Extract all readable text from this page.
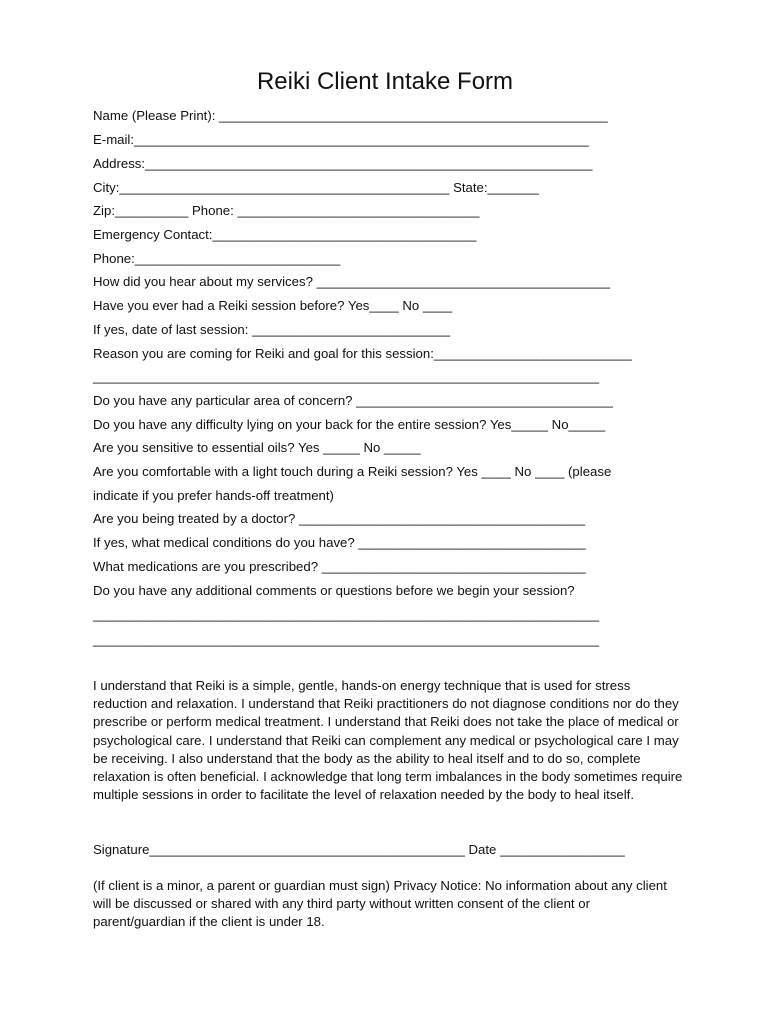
Reiki Client Intake Form
Name (Please Print): _____________________________________________________
E-mail:______________________________________________________________
Address:_____________________________________________________________
City:_____________________________________________ State:_______
Zip:__________ Phone: _________________________________
Emergency Contact:____________________________________
Phone:____________________________
How did you hear about my services? ________________________________________
Have you ever had a Reiki session before? Yes____ No ____
If yes, date of last session: ___________________________
Reason you are coming for Reiki and goal for this session:___________________________
_____________________________________________________________________
Do you have any particular area of concern? ___________________________________
Do you have any difficulty lying on your back for the entire session? Yes_____ No_____
Are you sensitive to essential oils? Yes _____ No _____
Are you comfortable with a light touch during a Reiki session? Yes ____ No ____ (please
indicate if you prefer hands-off treatment)
Are you being treated by a doctor? _______________________________________
If yes, what medical conditions do you have? _______________________________
What medications are you prescribed? ____________________________________
Do you have any additional comments or questions before we begin your session?
_____________________________________________________________________
_____________________________________________________________________
I understand that Reiki is a simple, gentle, hands-on energy technique that is used for stress reduction and relaxation. I understand that Reiki practitioners do not diagnose conditions nor do they prescribe or perform medical treatment. I understand that Reiki does not take the place of medical or psychological care. I understand that Reiki can complement any medical or psychological care I may be receiving. I also understand that the body as the ability to heal itself and to do so, complete relaxation is often beneficial. I acknowledge that long term imbalances in the body sometimes require multiple sessions in order to facilitate the level of relaxation needed by the body to heal itself.
Signature___________________________________________ Date _________________
(If client is a minor, a parent or guardian must sign) Privacy Notice: No information about any client will be discussed or shared with any third party without written consent of the client or parent/guardian if the client is under 18.
